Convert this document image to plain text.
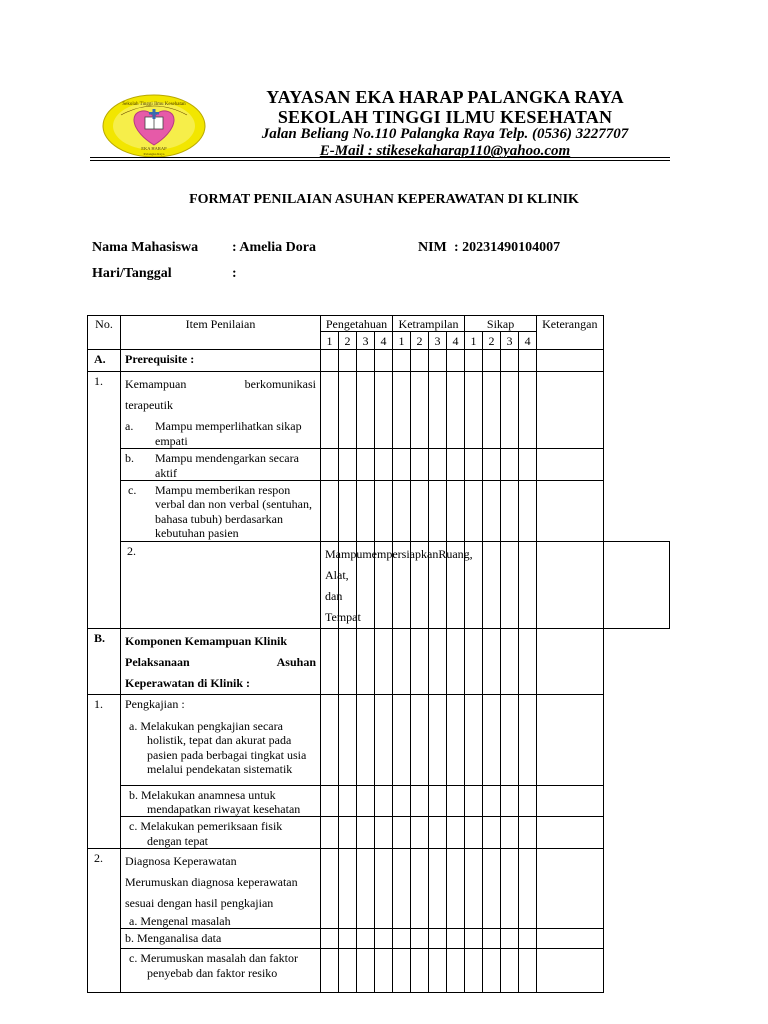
Sekolah Tinggi Ilmu Kesehatan
EKA HARAP
Palangka Raya
YAYASAN EKA HARAP PALANGKA RAYA
SEKOLAH TINGGI ILMU KESEHATAN
Jalan Beliang No.110 Palangka Raya Telp. (0536) 3227707
E-Mail : stikesekaharap110@yahoo.com
FORMAT PENILAIAN ASUHAN KEPERAWATAN DI KLINIK
Nama Mahasiswa : Amelia Dora	NIM : 20231490104007
Hari/Tanggal	:
No.	Item Penilaian	Pengetahuan				Ketrampilan				Sikap				Keterangan	
		1	2	3	4	1	2	3	4	1	2	3	4		
A.	Prerequisite :														
1.	Kemampuan berkomunikasi
terapeutik
a. Mampu memperlihatkan sikap empati														

	b. Mampu mendengarkan secara aktif														

	c. Mampu memberikan respon verbal dan non verbal (sentuhan, bahasa tubuh) berdasarkan kebutuhan pasien														

	2.	Mampu mempersiapkan Ruang,
Alat, dan Tempat													

B.	Komponen Kemampuan Klinik
Pelaksanaan Asuhan
Keperawatan di Klinik :														

1.	Pengkajian :
a. Melakukan pengkajian secara holistik, tepat dan akurat pada pasien pada berbagai tingkat usia melalui pendekatan sistematik														

	b. Melakukan anamnesa untuk mendapatkan riwayat kesehatan														

	c. Melakukan pemeriksaan fisik dengan tepat														

2.	Diagnosa Keperawatan
Merumuskan diagnosa keperawatan
sesuai dengan hasil pengkajian
a. Mengenal masalah														

	b. Menganalisa data														

	c. Merumuskan masalah dan faktor penyebab dan faktor resiko														
